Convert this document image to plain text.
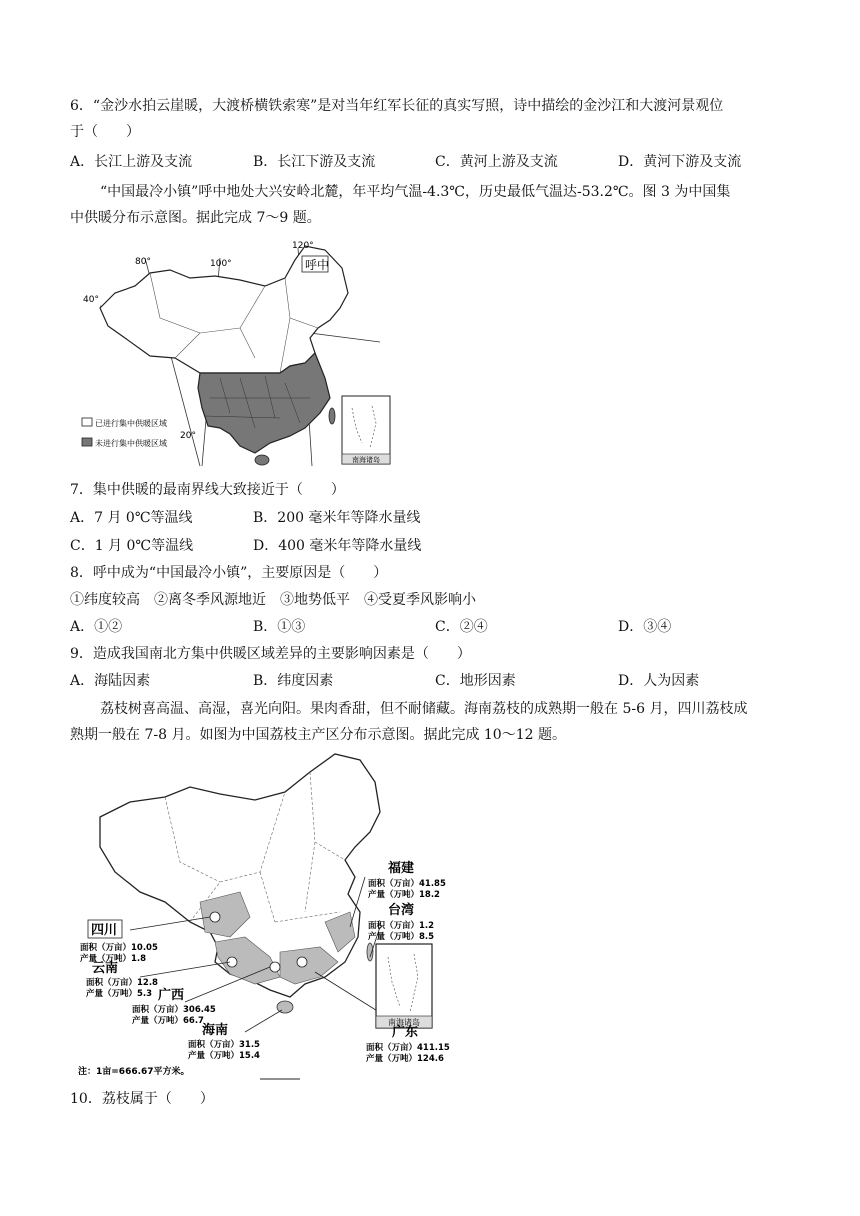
6．“金沙水拍云崖暖，大渡桥横铁索寒”是对当年红军长征的真实写照，诗中描绘的金沙江和大渡河景观位
于（　　）
A．长江上游及支流	B．长江下游及支流	C．黄河上游及支流	D．黄河下游及支流
“中国最冷小镇”呼中地处大兴安岭北麓，年平均气温-4.3℃，历史最低气温达-53.2℃。图 3 为中国集
中供暖分布示意图。据此完成 7～9 题。
呼中
120°
80°	100°
40°
20°
已进行集中供暖区域
未进行集中供暖区域
南海诸岛
7．集中供暖的最南界线大致接近于（　　）
A．7 月 0℃等温线	B．200 毫米年等降水量线
C．1 月 0℃等温线	D．400 毫米年等降水量线
8．呼中成为“中国最冷小镇”，主要原因是（　　）
①纬度较高　②离冬季风源地近　③地势低平　④受夏季风影响小
A．①②	B．①③	C．②④	D．③④
9．造成我国南北方集中供暖区域差异的主要影响因素是（　　）
A．海陆因素	B．纬度因素	C．地形因素	D．人为因素
荔枝树喜高温、高湿，喜光向阳。果肉香甜，但不耐储藏。海南荔枝的成熟期一般在 5-6 月，四川荔枝成
熟期一般在 7-8 月。如图为中国荔枝主产区分布示意图。据此完成 10～12 题。
四川
面积（万亩）10.05
产量（万吨）1.8
云南
面积（万亩）12.8
产量（万吨）5.3 广西
面积（万亩）306.45
产量（万吨）66.7
海南
面积（万亩）31.5
产量（万吨）15.4
福建
面积（万亩）41.85
产量（万吨）18.2
台湾
面积（万亩）1.2
产量（万吨）8.5
南海诸岛
广东
面积（万亩）411.15
产量（万吨）124.6
注：1亩=666.67平方米。
10．荔枝属于（　　）
